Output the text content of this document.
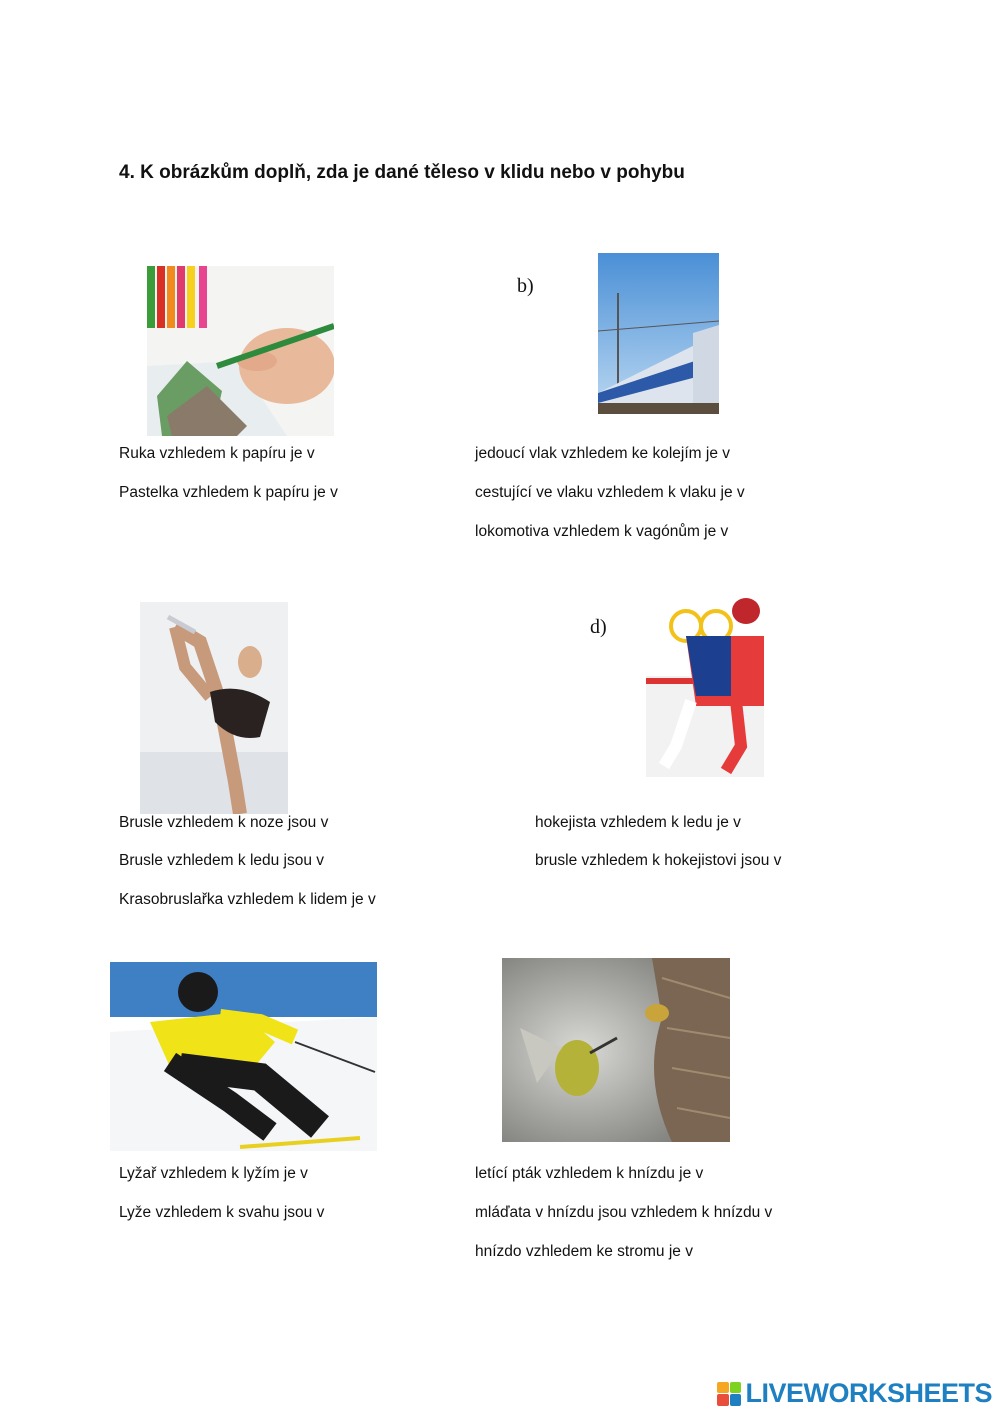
4. K obrázkům doplň, zda je dané těleso v klidu nebo v pohybu
Ruka vzhledem k papíru je v
Pastelka vzhledem k papíru je v
b)
jedoucí vlak vzhledem ke kolejím je v
cestující ve vlaku vzhledem k vlaku je v
lokomotiva vzhledem k vagónům je v
Brusle vzhledem k noze jsou v
Brusle vzhledem k ledu jsou v
Krasobruslařka vzhledem k lidem je v
d)
hokejista vzhledem k ledu je v
brusle vzhledem k hokejistovi jsou v
Lyžař vzhledem k lyžím je v
Lyže vzhledem k svahu jsou v
letící pták vzhledem k hnízdu je v
mláďata v hnízdu jsou vzhledem k hnízdu v
hnízdo vzhledem ke stromu je v
LIVEWORKSHEETS
